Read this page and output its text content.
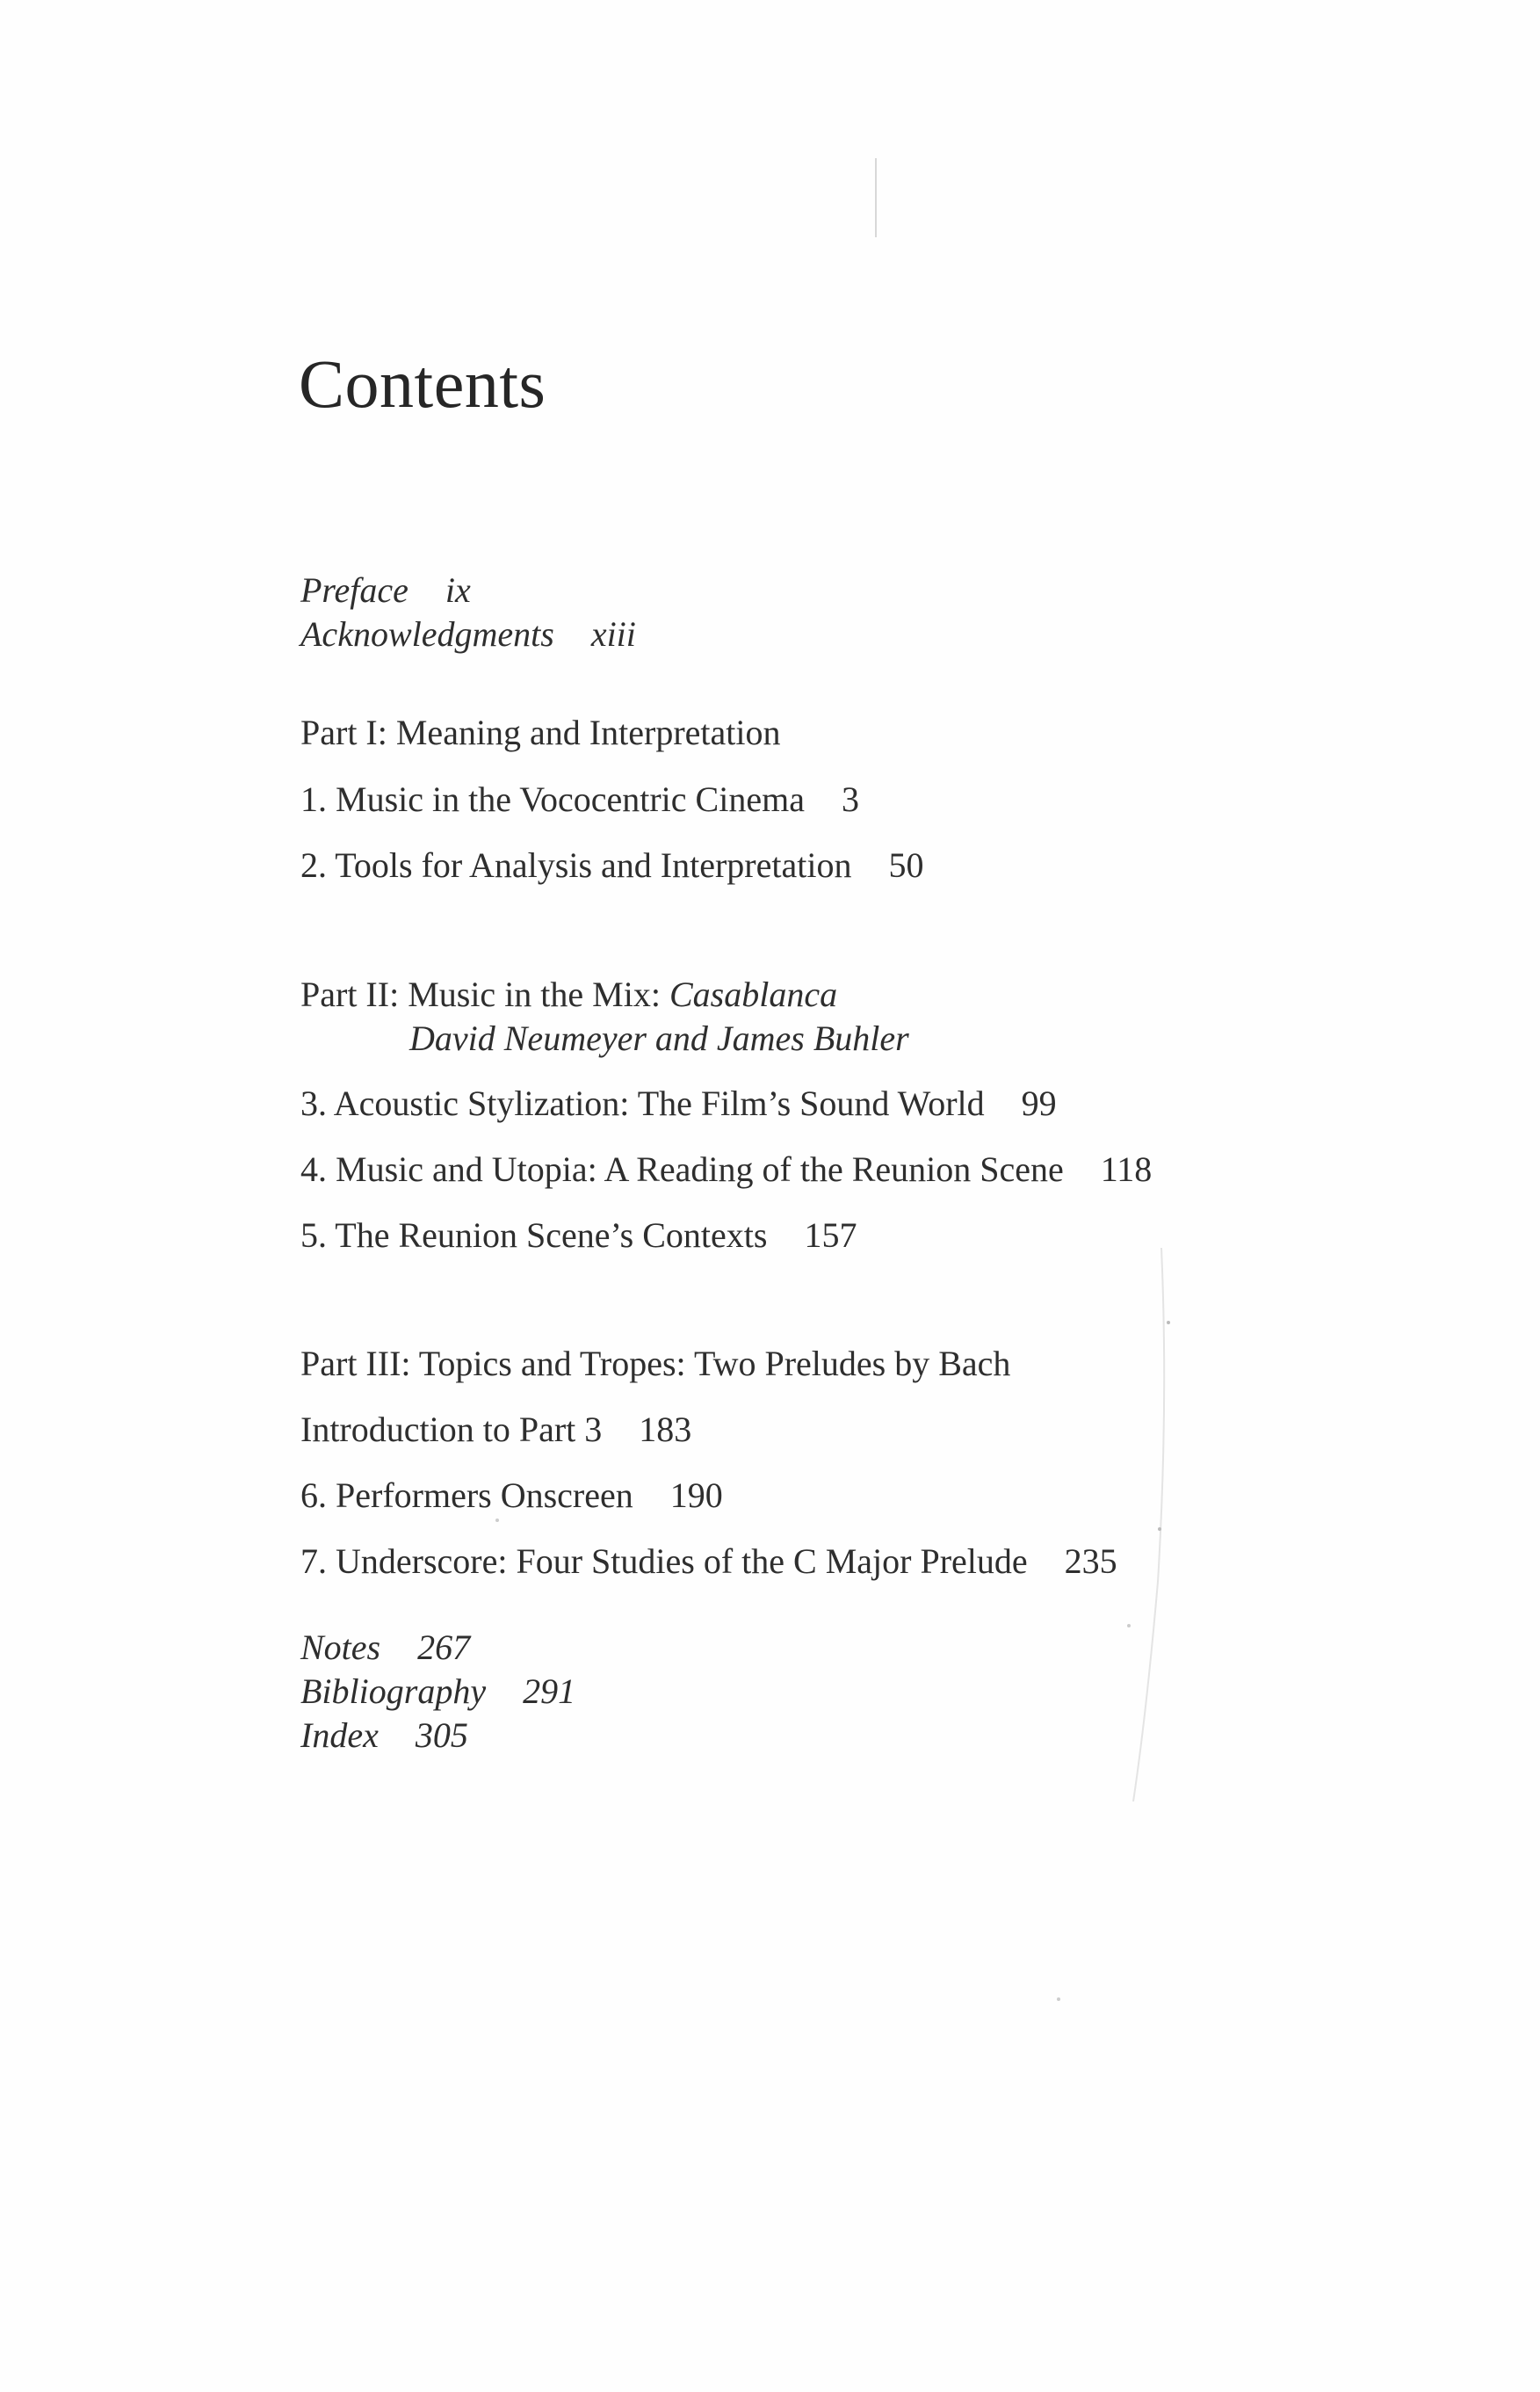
Contents
Preface ix
Acknowledgments xiii
Part I: Meaning and Interpretation
1. Music in the Vococentric Cinema 3
2. Tools for Analysis and Interpretation 50
Part II: Music in the Mix: Casablanca
David Neumeyer and James Buhler
3. Acoustic Stylization: The Film’s Sound World 99
4. Music and Utopia: A Reading of the Reunion Scene 118
5. The Reunion Scene’s Contexts 157
Part III: Topics and Tropes: Two Preludes by Bach
Introduction to Part 3 183
6. Performers Onscreen 190
7. Underscore: Four Studies of the C Major Prelude 235
Notes 267
Bibliography 291
Index 305
